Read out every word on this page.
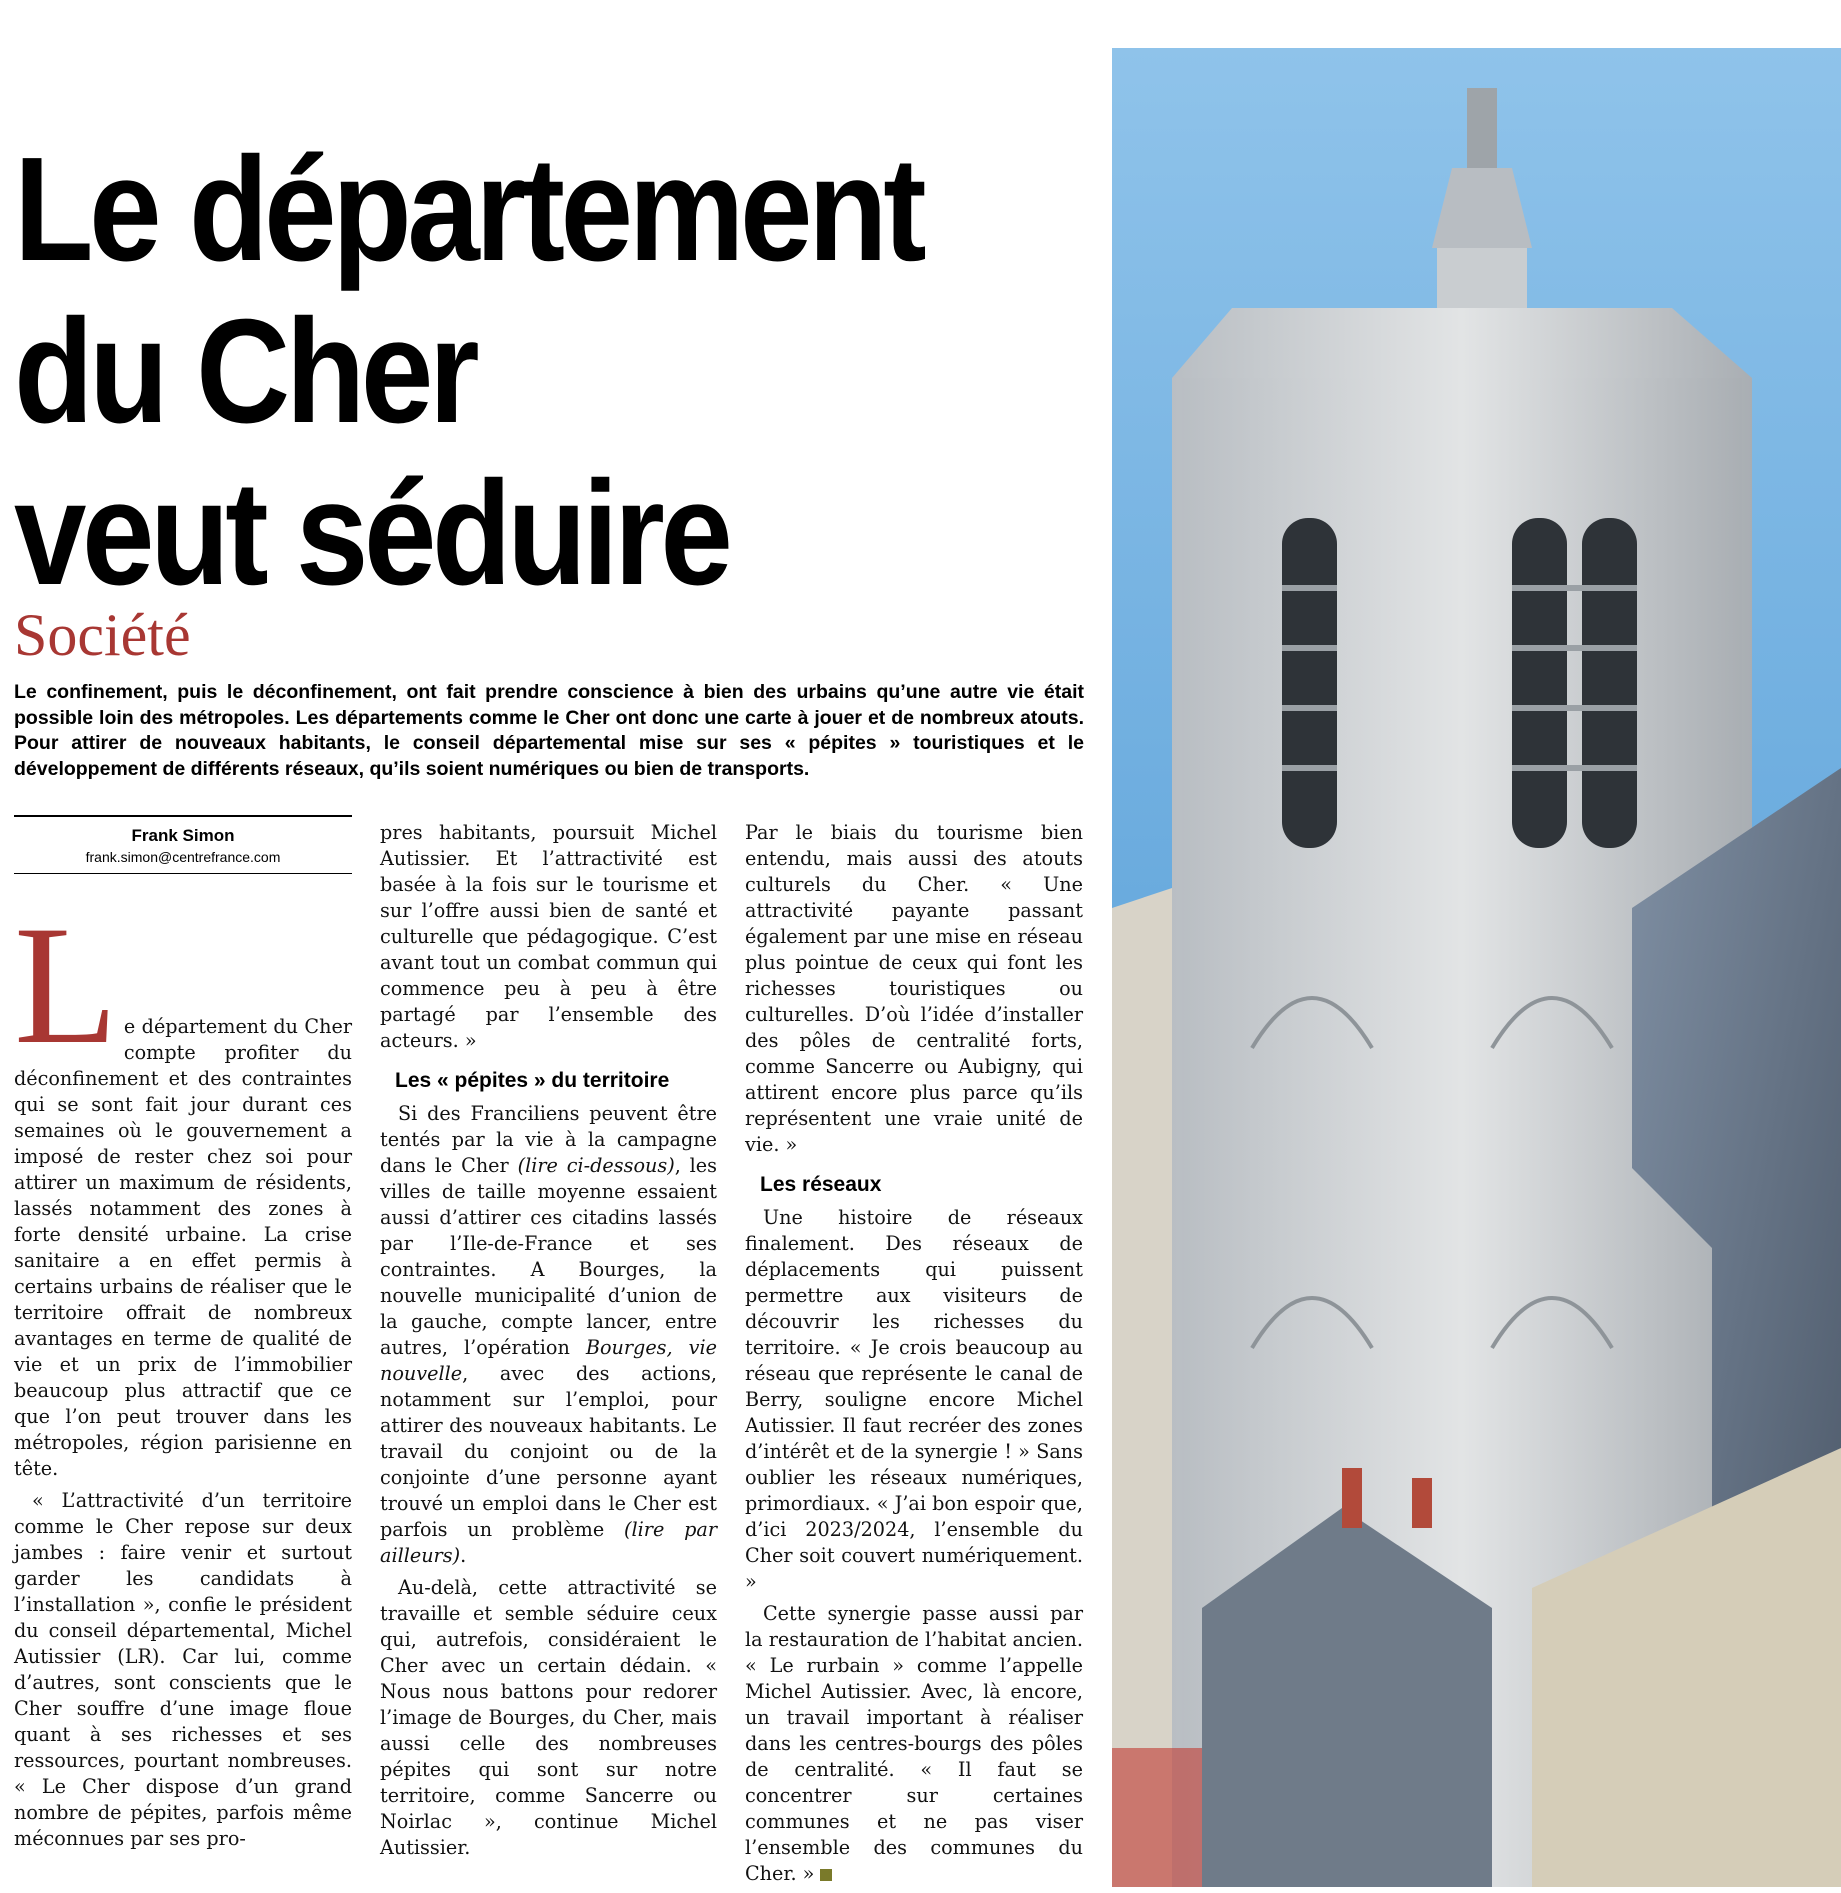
Le département
du Cher
veut séduire
Société
Le confinement, puis le déconfinement, ont fait prendre conscience à bien des urbains qu’une autre vie était possible loin des métropoles. Les départements comme le Cher ont donc une carte à jouer et de nombreux atouts. Pour attirer de nouveaux habitants, le conseil départemental mise sur ses « pépites » touristiques et le développement de différents réseaux, qu’ils soient numériques ou bien de transports.
Frank Simon
frank.simon@centrefrance.com
L e département du Cher compte profiter du déconfinement et des contraintes qui se sont fait jour durant ces semaines où le gouvernement a imposé de rester chez soi pour attirer un maximum de résidents, lassés notamment des zones à forte densité urbaine. La crise sanitaire a en effet permis à certains urbains de réaliser que le territoire offrait de nombreux avantages en terme de qualité de vie et un prix de l’immobilier beaucoup plus attractif que ce que l’on peut trouver dans les métropoles, région parisienne en tête.

« L’attractivité d’un territoire comme le Cher repose sur deux jambes : faire venir et surtout garder les candidats à l’installation », confie le président du conseil départemental, Michel Autissier (LR). Car lui, comme d’autres, sont conscients que le Cher souffre d’une image floue quant à ses richesses et ses ressources, pourtant nombreuses. « Le Cher dispose d’un grand nombre de pépites, parfois même méconnues par ses pro-

pres habitants, poursuit Michel Autissier. Et l’attractivité est basée à la fois sur le tourisme et sur l’offre aussi bien de santé et culturelle que pédagogique. C’est avant tout un combat commun qui commence peu à peu à être partagé par l’ensemble des acteurs. »

Les « pépites » du territoire

Si des Franciliens peuvent être tentés par la vie à la campagne dans le Cher (lire ci-dessous), les villes de taille moyenne essaient aussi d’attirer ces citadins lassés par l’Ile-de-France et ses contraintes. A Bourges, la nouvelle municipalité d’union de la gauche, compte lancer, entre autres, l’opération Bourges, vie nouvelle, avec des actions, notamment sur l’emploi, pour attirer des nouveaux habitants. Le travail du conjoint ou de la conjointe d’une personne ayant trouvé un emploi dans le Cher est parfois un problème (lire par ailleurs).

Au-delà, cette attractivité se travaille et semble séduire ceux qui, autrefois, considéraient le Cher avec un certain dédain. « Nous nous battons pour redorer l’image de Bourges, du Cher, mais aussi celle des nombreuses pépites qui sont sur notre territoire, comme Sancerre ou Noirlac », continue Michel Autissier.

Par le biais du tourisme bien entendu, mais aussi des atouts culturels du Cher. « Une attractivité payante passant également par une mise en réseau plus pointue de ceux qui font les richesses touristiques ou culturelles. D’où l’idée d’installer des pôles de centralité forts, comme Sancerre ou Aubigny, qui attirent encore plus parce qu’ils représentent une vraie unité de vie. »

Les réseaux

Une histoire de réseaux finalement. Des réseaux de déplacements qui puissent permettre aux visiteurs de découvrir les richesses du territoire. « Je crois beaucoup au réseau que représente le canal de Berry, souligne encore Michel Autissier. Il faut recréer des zones d’intérêt et de la synergie ! » Sans oublier les réseaux numériques, primordiaux. « J’ai bon espoir que, d’ici 2023/2024, l’ensemble du Cher soit couvert numériquement. »

Cette synergie passe aussi par la restauration de l’habitat ancien. « Le rurbain » comme l’appelle Michel Autissier. Avec, là encore, un travail important à réaliser dans les centres-bourgs des pôles de centralité. « Il faut se concentrer sur certaines communes et ne pas viser l’ensemble des communes du Cher. »
